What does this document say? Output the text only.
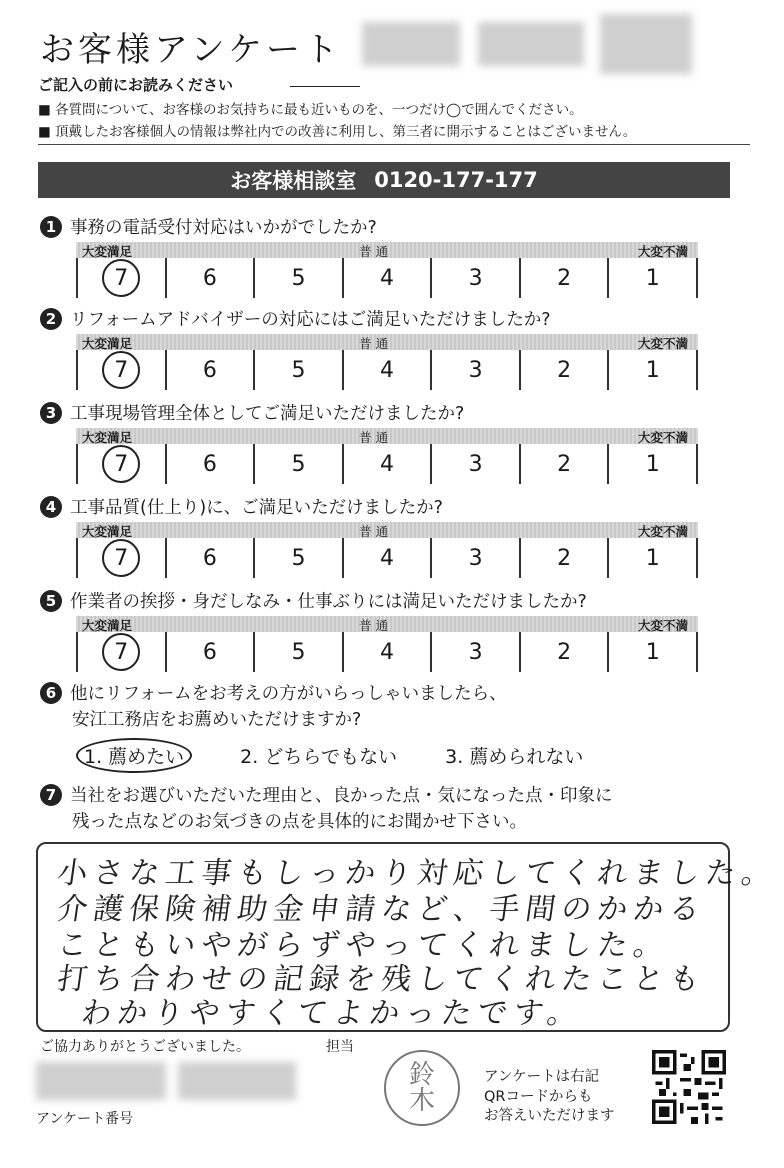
お客様アンケート
ご記入の前にお読みください
■ 各質問について、お客様のお気持ちに最も近いものを、一つだけ◯で囲んでください。
■ 頂戴したお客様個人の情報は弊社内での改善に利用し、第三者に開示することはございません。
お客様相談室 0120-177-177
1 事務の電話受付対応はいかがでしたか?
大変満足	普 通	大変不満
7	6	5	4	3	2	1
2 リフォームアドバイザーの対応にはご満足いただけましたか?
大変満足	普 通	大変不満
7	6	5	4	3	2	1
3 工事現場管理全体としてご満足いただけましたか?
大変満足	普 通	大変不満
7	6	5	4	3	2	1
4 工事品質(仕上り)に、ご満足いただけましたか?
大変満足	普 通	大変不満
7	6	5	4	3	2	1
5 作業者の挨拶・身だしなみ・仕事ぶりには満足いただけましたか?
大変満足	普 通	大変不満
7	6	5	4	3	2	1
6 他にリフォームをお考えの方がいらっしゃいましたら、
安江工務店をお薦めいただけますか?
1. 薦めたい	2. どちらでもない	3. 薦められない
7 当社をお選びいただいた理由と、良かった点・気になった点・印象に
残った点などのお気づきの点を具体的にお聞かせ下さい。
小さな工事もしっかり対応してくれました。
介護保険補助金申請など、手間のかかる
こともいやがらずやってくれました。
打ち合わせの記録を残してくれたことも
わかりやすくてよかったです。
ご協力ありがとうございました。	担当
鈴
木
アンケートは右記
QRコードからも
お答えいただけます
アンケート番号
